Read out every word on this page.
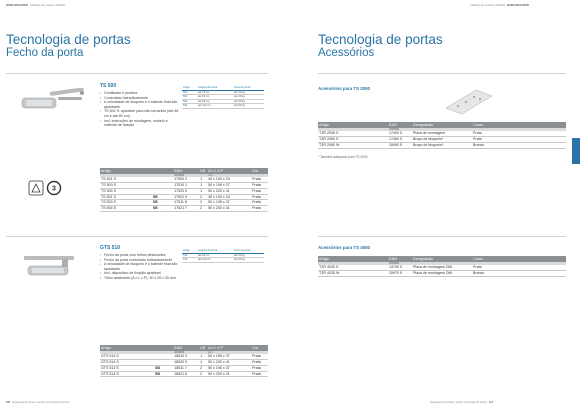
BURG-WÄCHTER Catálogo de produtos 2024/25	Catálogo de produtos 2024/25 BURG-WÄCHTER
Tecnologia de portas
Fecho da porta
TS 500
▪ Certificado e protetor.
▪ Controlado hidraulicamente
▪ A velocidade de bloqueio e o batente final são ajustáveis
▪ TS 502 S: ajustável para não tornarllos (até 85 cm e até 80 cm)
▪ Incl. instruções de montagem, modelo e material de fixação
Artigo	Largura da porta	Peso da porta
501	até 75 cm	até 20 kg
502	até 90 cm	até 40 kg
503	até 95 cm	até 60 kg
504	até 110 cm	até 80 kg
3
Artigo		EAN	UE	A x L x P	Cor
		4003482		mm	
TS 501 S		17500 2	1	45 x 190 x 34	Prata
TS 503 S		17510 1	1	50 x 196 x 37	Prata
TS 504 S		17520 0	1	50 x 200 x 41	Prata
TS 501 S	SB	17501 9	2	45 x 190 x 34	Prata
TS 503 S	SB	17511 8	2	50 x 196 x 37	Prata
TS 504 S	SB	17521 7	2	50 x 200 x 41	Prata
GTS 510
▪ Fecho da porta com trilhos deslizantes
▪ Fecho da porta controlado hidraulicamente
▪ A velocidade de bloqueio e o batente final são ajustáveis
▪ Incl. dispositivo de fixação ajustável
▪ Trilho deslizante (A x L x P): 30 x 20 x 30 mm
Artigo	Largura da porta	Peso da porta
513	até 95 cm	até 60 kg
514	até 110 cm	até 80 kg
Artigo		EAN	UE	A x L x P	Cor
		4003482		mm	
GTS 513 S		18510 0	1	50 x 196 x 37	Prata
GTS 514 S		18520 9	1	50 x 200 x 41	Prata
GTS 513 S	SB	18511 7	2	50 x 196 x 37	Prata
GTS 514 S	SB	18521 6	2	50 x 200 x 41	Prata
Tecnologia de portas
Acessórios
Acessórios para TS 2000
Artigo	EAN	Designação	Cores
	4003482		
TZR 2035 S	17400 5	Placa de montagem	Prata
TZR 2060 S	17460 9	Braço de bloqueio*	Prata
TZR 2060 W	18490 5	Braço de bloqueio*	Branco
* Também adequado para TS 4000
Acessórios para TS 4000
Artigo	EAN	Designação	Cores
	4003482		
TZR 4035 S	14790 0	Placa de montagem DIN	Prata
TZR 4035 W	15970 5	Placa de montagem DIN	Branco
116 Segurança de portas e portas, tecnologia de portas	Segurança de portas e portas, tecnologia de portas 117
